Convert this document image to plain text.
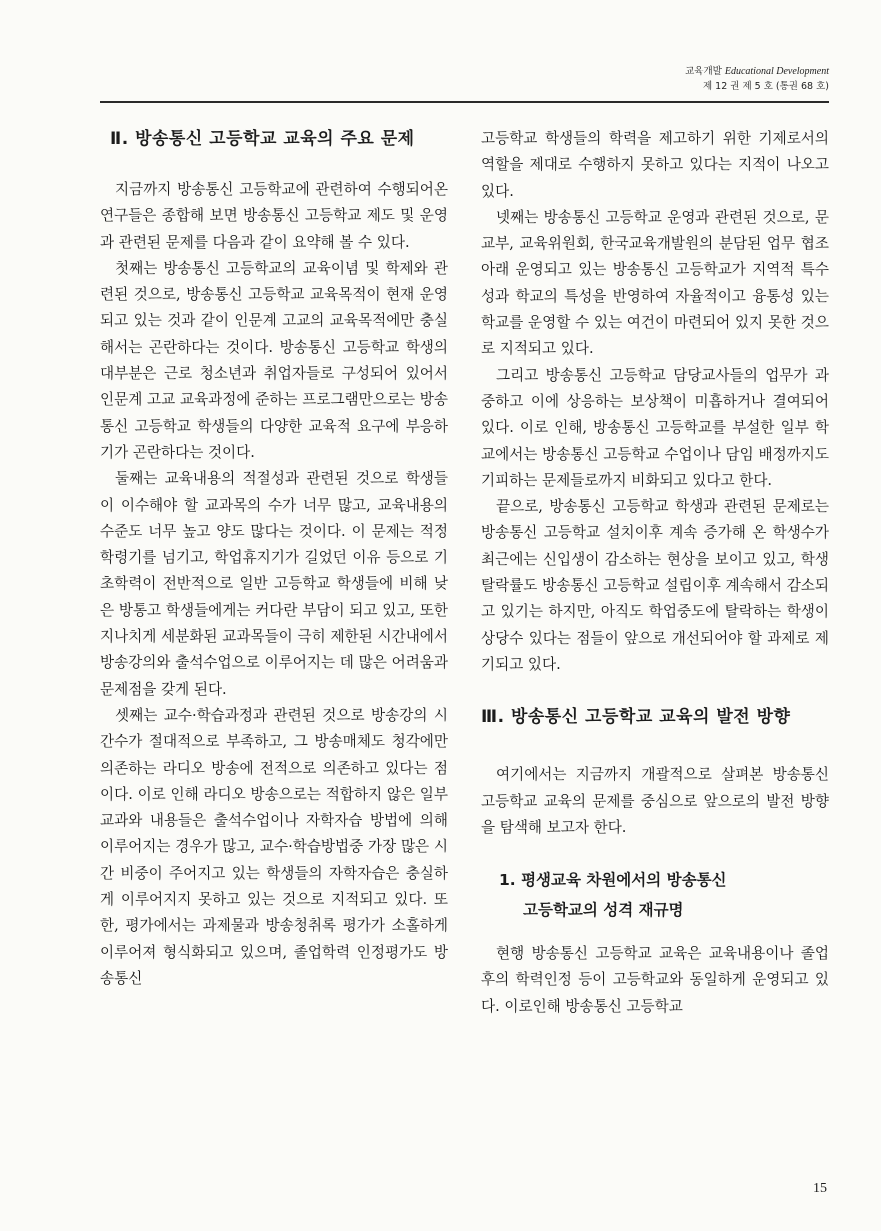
교육개발 Educational Development
제 12 권 제 5 호 (통권 68 호)
Ⅱ. 방송통신 고등학교 교육의 주요 문제

지금까지 방송통신 고등학교에 관련하여 수행되어온 연구들은 종합해 보면 방송통신 고등학교 제도 및 운영과 관련된 문제를 다음과 같이 요약해 볼 수 있다.

첫째는 방송통신 고등학교의 교육이념 및 학제와 관련된 것으로, 방송통신 고등학교 교육목적이 현재 운영되고 있는 것과 같이 인문계 고교의 교육목적에만 충실해서는 곤란하다는 것이다. 방송통신 고등학교 학생의 대부분은 근로 청소년과 취업자들로 구성되어 있어서 인문계 고교 교육과정에 준하는 프로그램만으로는 방송통신 고등학교 학생들의 다양한 교육적 요구에 부응하기가 곤란하다는 것이다.

둘째는 교육내용의 적절성과 관련된 것으로 학생들이 이수해야 할 교과목의 수가 너무 많고, 교육내용의 수준도 너무 높고 양도 많다는 것이다. 이 문제는 적정 학령기를 넘기고, 학업휴지기가 길었던 이유 등으로 기초학력이 전반적으로 일반 고등학교 학생들에 비해 낮은 방통고 학생들에게는 커다란 부담이 되고 있고, 또한 지나치게 세분화된 교과목들이 극히 제한된 시간내에서 방송강의와 출석수업으로 이루어지는 데 많은 어려움과 문제점을 갖게 된다.

셋째는 교수·학습과정과 관련된 것으로 방송강의 시간수가 절대적으로 부족하고, 그 방송매체도 청각에만 의존하는 라디오 방송에 전적으로 의존하고 있다는 점이다. 이로 인해 라디오 방송으로는 적합하지 않은 일부 교과와 내용들은 출석수업이나 자학자습 방법에 의해 이루어지는 경우가 많고, 교수·학습방법중 가장 많은 시간 비중이 주어지고 있는 학생들의 자학자습은 충실하게 이루어지지 못하고 있는 것으로 지적되고 있다. 또한, 평가에서는 과제물과 방송청취록 평가가 소홀하게 이루어져 형식화되고 있으며, 졸업학력 인정평가도 방송통신

고등학교 학생들의 학력을 제고하기 위한 기제로서의 역할을 제대로 수행하지 못하고 있다는 지적이 나오고 있다.

넷째는 방송통신 고등학교 운영과 관련된 것으로, 문교부, 교육위원회, 한국교육개발원의 분담된 업무 협조아래 운영되고 있는 방송통신 고등학교가 지역적 특수성과 학교의 특성을 반영하여 자율적이고 융통성 있는 학교를 운영할 수 있는 여건이 마련되어 있지 못한 것으로 지적되고 있다.

그리고 방송통신 고등학교 담당교사들의 업무가 과중하고 이에 상응하는 보상책이 미흡하거나 결여되어 있다. 이로 인해, 방송통신 고등학교를 부설한 일부 학교에서는 방송통신 고등학교 수업이나 담임 배정까지도 기피하는 문제들로까지 비화되고 있다고 한다.

끝으로, 방송통신 고등학교 학생과 관련된 문제로는 방송통신 고등학교 설치이후 계속 증가해 온 학생수가 최근에는 신입생이 감소하는 현상을 보이고 있고, 학생 탈락률도 방송통신 고등학교 설립이후 계속해서 감소되고 있기는 하지만, 아직도 학업중도에 탈락하는 학생이 상당수 있다는 점들이 앞으로 개선되어야 할 과제로 제기되고 있다.

Ⅲ. 방송통신 고등학교 교육의 발전 방향

여기에서는 지금까지 개괄적으로 살펴본 방송통신 고등학교 교육의 문제를 중심으로 앞으로의 발전 방향을 탐색해 보고자 한다.

1. 평생교육 차원에서의 방송통신
고등학교의 성격 재규명

현행 방송통신 고등학교 교육은 교육내용이나 졸업후의 학력인정 등이 고등학교와 동일하게 운영되고 있다. 이로인해 방송통신 고등학교

15
